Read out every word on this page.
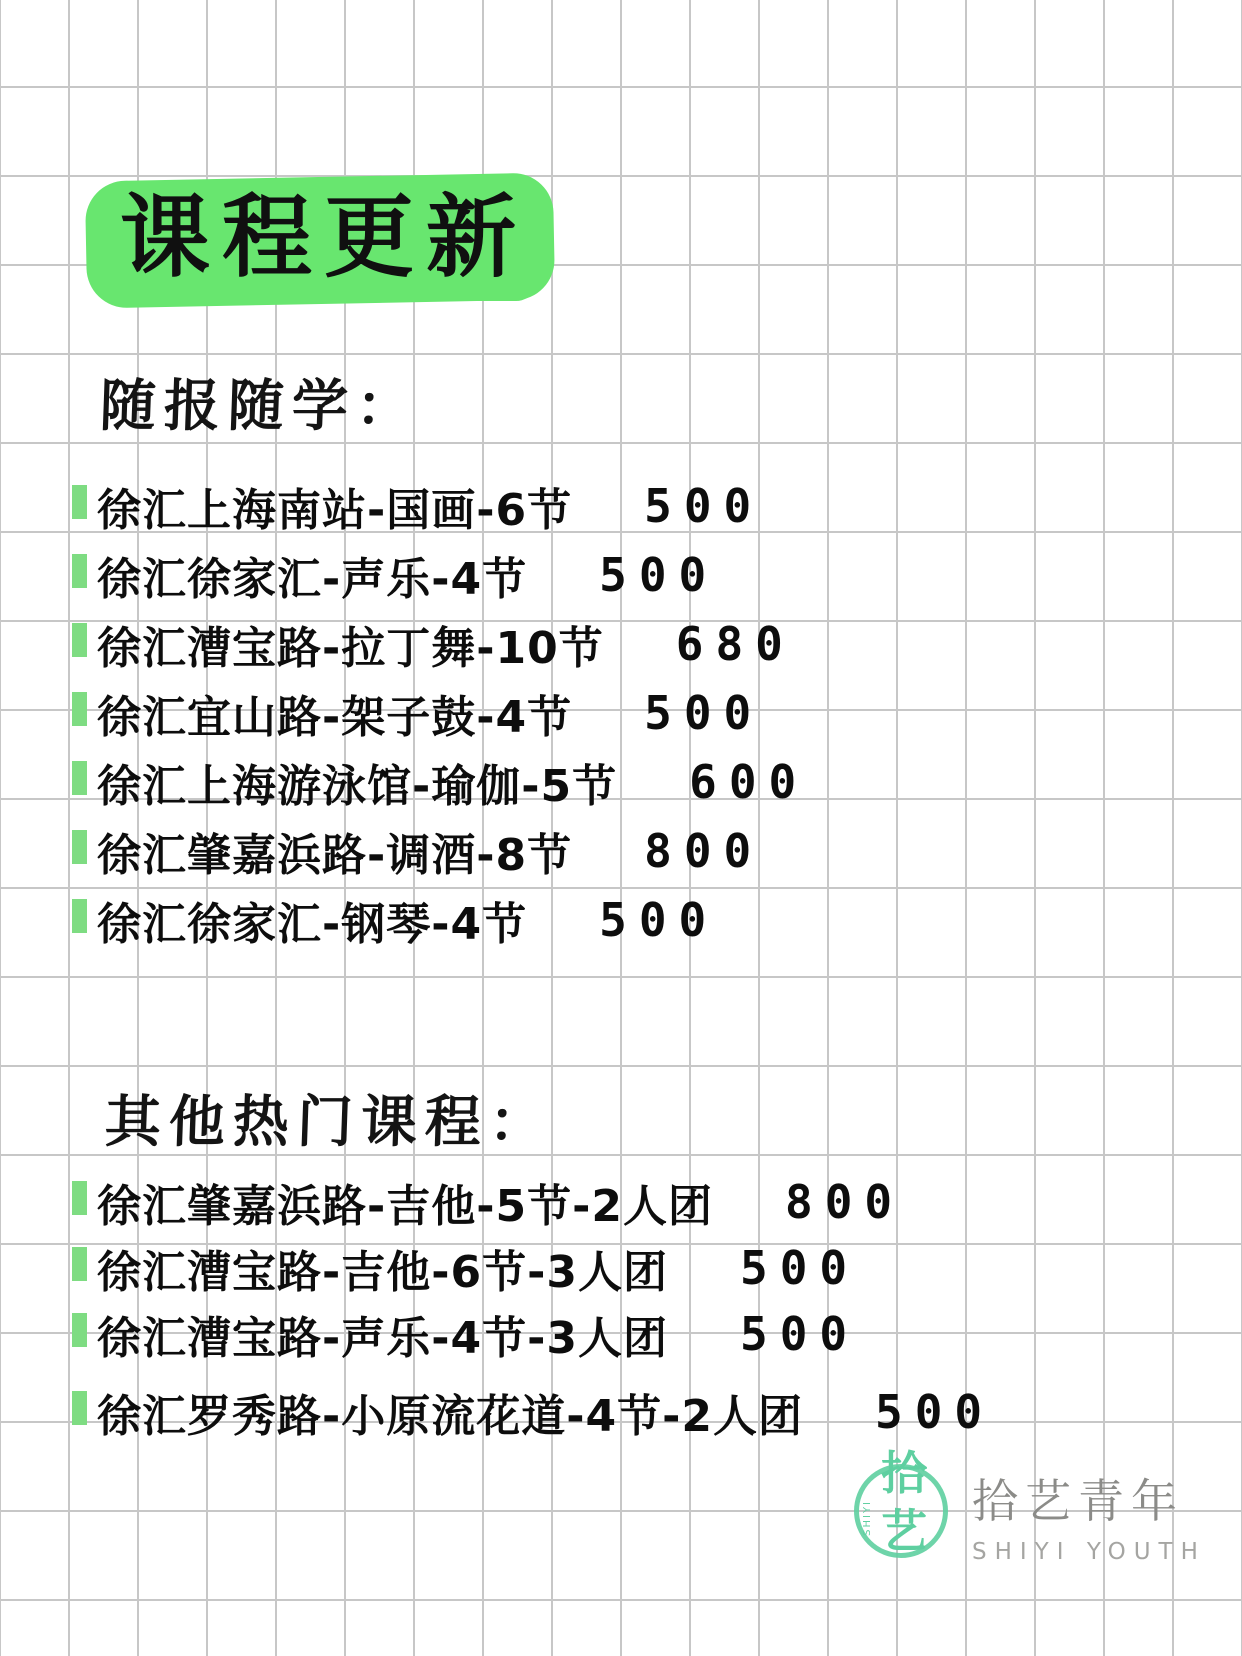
课程更新
随报随学：
徐汇上海南站-国画-6节 500
徐汇徐家汇-声乐-4节 500
徐汇漕宝路-拉丁舞-10节 680
徐汇宜山路-架子鼓-4节 500
徐汇上海游泳馆-瑜伽-5节 600
徐汇肇嘉浜路-调酒-8节 800
徐汇徐家汇-钢琴-4节 500
其他热门课程：
徐汇肇嘉浜路-吉他-5节-2人团 800
徐汇漕宝路-吉他-6节-3人团 500
徐汇漕宝路-声乐-4节-3人团 500
徐汇罗秀路-小原流花道-4节-2人团 500
拾
艺
SHIYI 拾艺青年
SHIYI YOUTH
